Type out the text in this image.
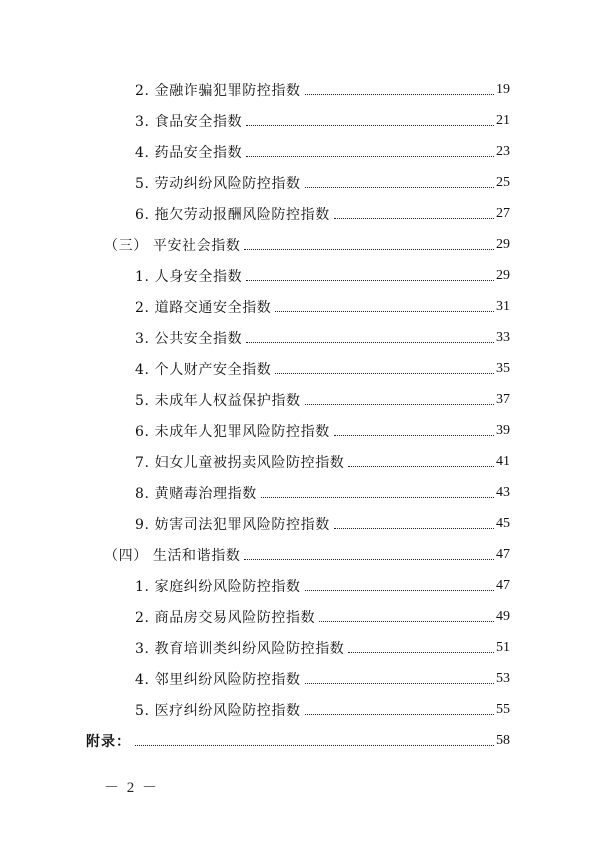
2. 金融诈骗犯罪防控指数	19
3. 食品安全指数	21
4. 药品安全指数	23
5. 劳动纠纷风险防控指数	25
6. 拖欠劳动报酬风险防控指数	27
（三） 平安社会指数	29
1. 人身安全指数	29
2. 道路交通安全指数	31
3. 公共安全指数	33
4. 个人财产安全指数	35
5. 未成年人权益保护指数	37
6. 未成年人犯罪风险防控指数	39
7. 妇女儿童被拐卖风险防控指数	41
8. 黄赌毒治理指数	43
9. 妨害司法犯罪风险防控指数	45
（四） 生活和谐指数	47
1. 家庭纠纷风险防控指数	47
2. 商品房交易风险防控指数	49
3. 教育培训类纠纷风险防控指数	51
4. 邻里纠纷风险防控指数	53
5. 医疗纠纷风险防控指数	55
附录：	58
－ 2 －
